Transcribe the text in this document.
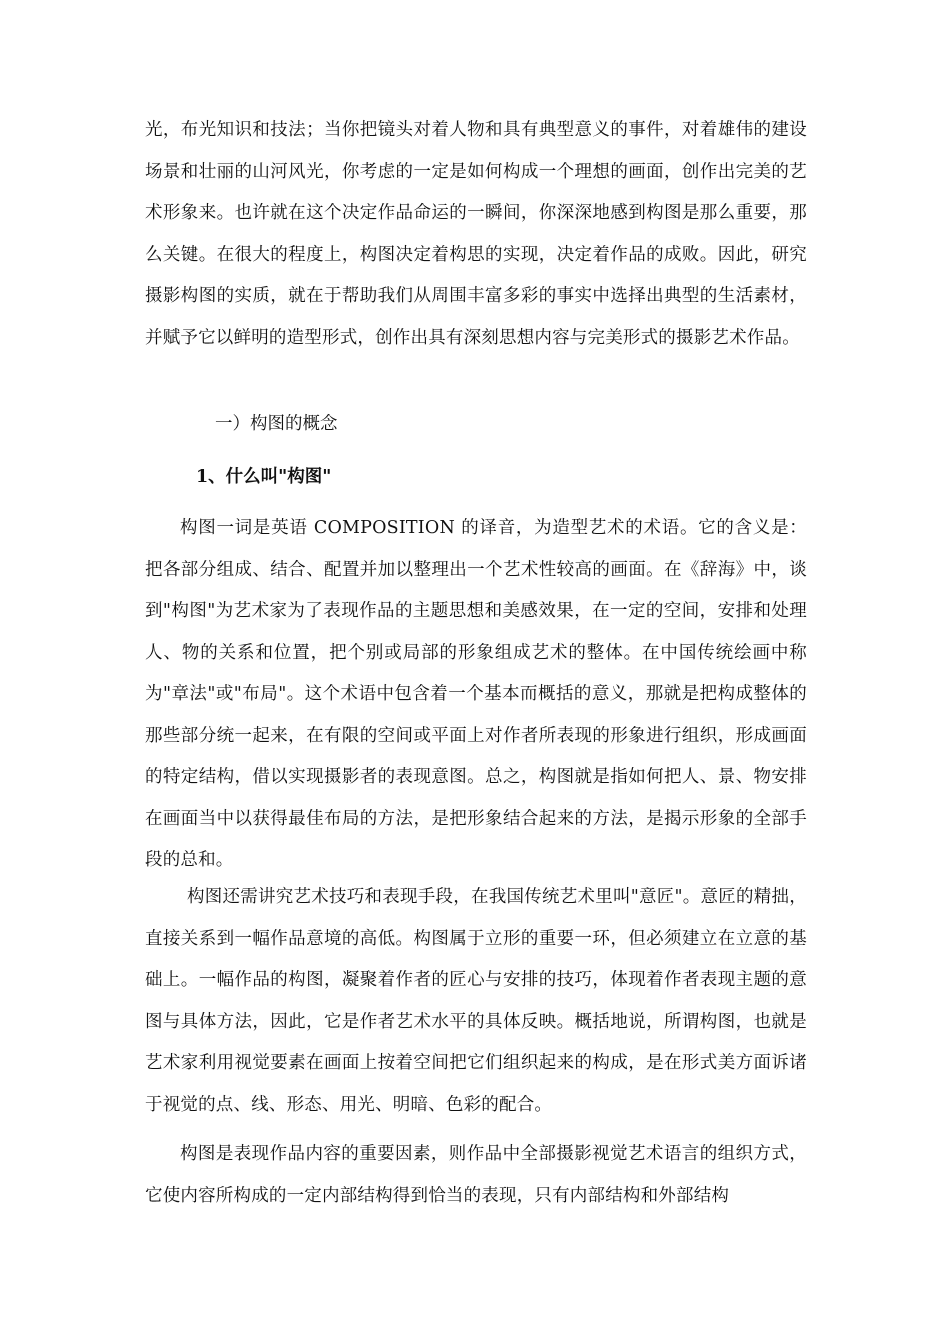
光，布光知识和技法；当你把镜头对着人物和具有典型意义的事件，对着雄伟的建设场景和壮丽的山河风光，你考虑的一定是如何构成一个理想的画面，创作出完美的艺术形象来。也许就在这个决定作品命运的一瞬间，你深深地感到构图是那么重要，那么关键。在很大的程度上，构图决定着构思的实现，决定着作品的成败。因此，研究摄影构图的实质，就在于帮助我们从周围丰富多彩的事实中选择出典型的生活素材，并赋予它以鲜明的造型形式，创作出具有深刻思想内容与完美形式的摄影艺术作品。

一）构图的概念

1、什么叫"构图"

构图一词是英语 COMPOSITION 的译音，为造型艺术的术语。它的含义是：把各部分组成、结合、配置并加以整理出一个艺术性较高的画面。在《辞海》中，谈到"构图"为艺术家为了表现作品的主题思想和美感效果，在一定的空间，安排和处理人、物的关系和位置，把个别或局部的形象组成艺术的整体。在中国传统绘画中称为"章法"或"布局"。这个术语中包含着一个基本而概括的意义，那就是把构成整体的那些部分统一起来，在有限的空间或平面上对作者所表现的形象进行组织，形成画面的特定结构，借以实现摄影者的表现意图。总之，构图就是指如何把人、景、物安排在画面当中以获得最佳布局的方法，是把形象结合起来的方法，是揭示形象的全部手段的总和。

构图还需讲究艺术技巧和表现手段，在我国传统艺术里叫"意匠"。意匠的精拙，直接关系到一幅作品意境的高低。构图属于立形的重要一环，但必须建立在立意的基础上。一幅作品的构图，凝聚着作者的匠心与安排的技巧，体现着作者表现主题的意图与具体方法，因此，它是作者艺术水平的具体反映。概括地说，所谓构图，也就是艺术家利用视觉要素在画面上按着空间把它们组织起来的构成，是在形式美方面诉诸于视觉的点、线、形态、用光、明暗、色彩的配合。

构图是表现作品内容的重要因素，则作品中全部摄影视觉艺术语言的组织方式，它使内容所构成的一定内部结构得到恰当的表现，只有内部结构和外部结构
